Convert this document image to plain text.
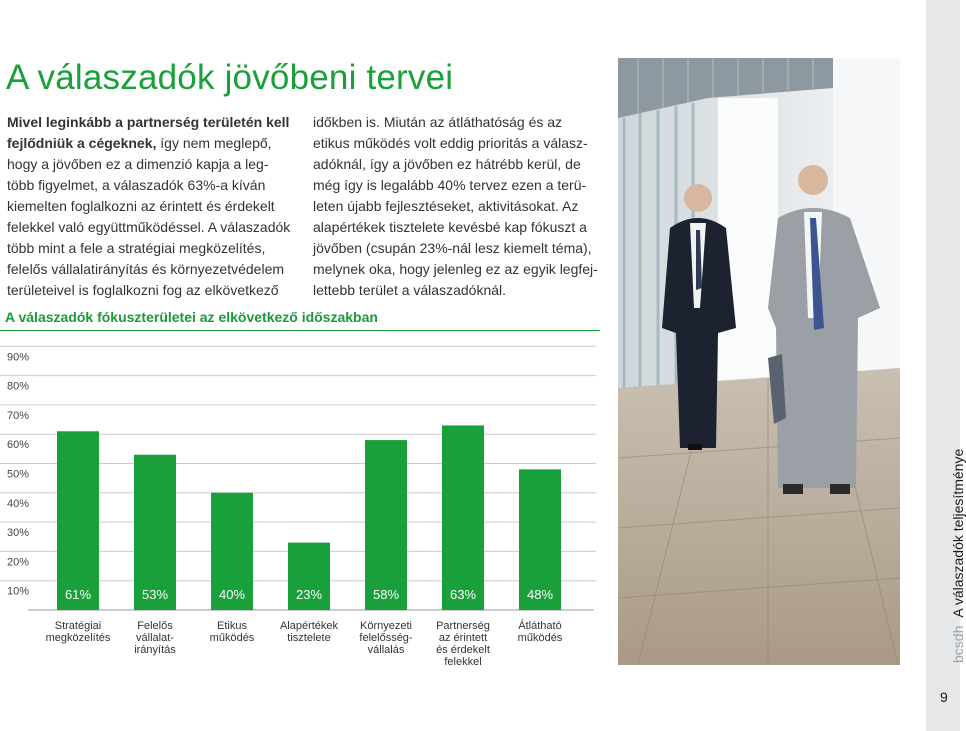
A válaszadók jövőbeni tervei

Mivel leginkább a partnerség területén kell
fejlődniük a cégeknek, így nem meglepő,
hogy a jövőben ez a dimenzió kapja a leg-
több figyelmet, a válaszadók 63%-a kíván
kiemelten foglalkozni az érintett és érdekelt
felekkel való együttműködéssel. A válaszadók
több mint a fele a stratégiai megközelítés,
felelős vállalatirányítás és környezetvédelem
területeivel is foglalkozni fog az elkövetkező

időkben is. Miután az átláthatóság és az
etikus működés volt eddig prioritás a válasz-
adóknál, így a jövőben ez hátrébb kerül, de
még így is legalább 40% tervez ezen a terü-
leten újabb fejlesztéseket, aktivitásokat. Az
alapértékek tisztelete kevésbé kap fókuszt a
jövőben (csupán 23%-nál lesz kiemelt téma),
melynek oka, hogy jelenleg ez az egyik legfej-
lettebb terület a válaszadóknál.

bcsdhA válaszadók teljesítménye
9
A válaszadók fókuszterületei az elkövetkező időszakban
90%
80%
70%
60%
50%
40%
30%
20%
10%	61%
Stratégiai
megközelítés
53%
Felelős
vállalat-
irányítás
40%
Etikus
működés
23%
Alapértékek
tisztelete
58%
Környezeti
felelősség-
vállalás
63%
Partnerség
az érintett
és érdekelt
felekkel
48%
Átlátható
működés
